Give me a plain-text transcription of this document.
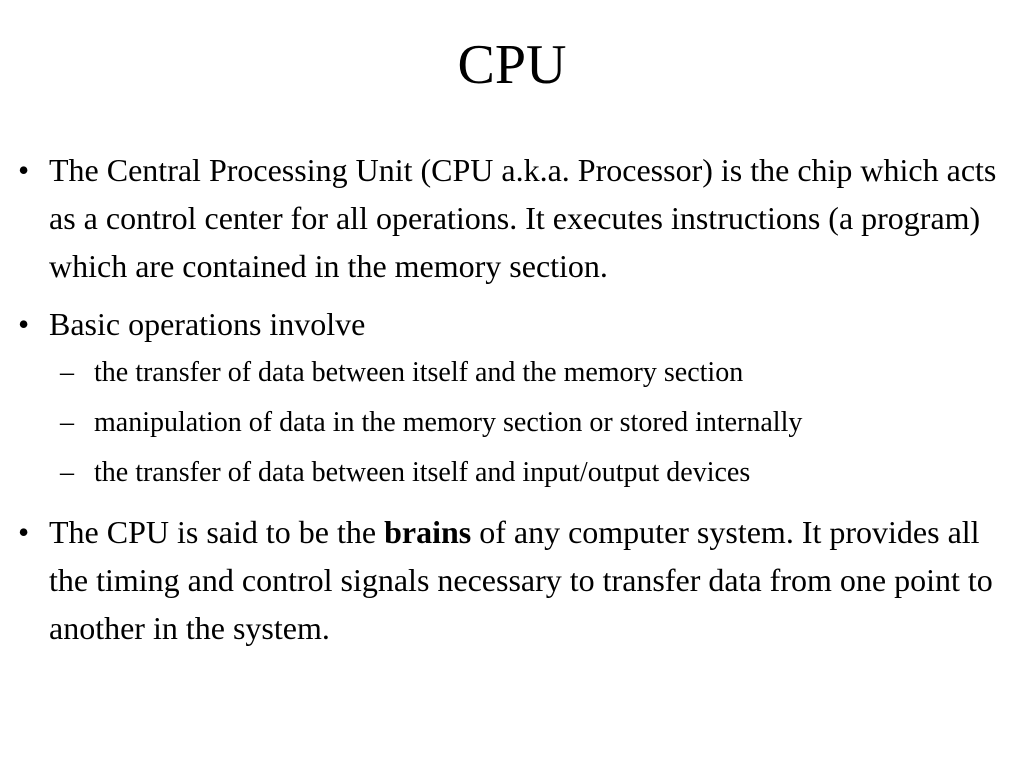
CPU
• The Central Processing Unit (CPU a.k.a. Processor) is the chip which acts as a control center for all operations. It executes instructions (a program) which are contained in the memory section.
• Basic operations involve
– the transfer of data between itself and the memory section
– manipulation of data in the memory section or stored internally
– the transfer of data between itself and input/output devices
• The CPU is said to be the brains of any computer system. It provides all the timing and control signals necessary to transfer data from one point to another in the system.
